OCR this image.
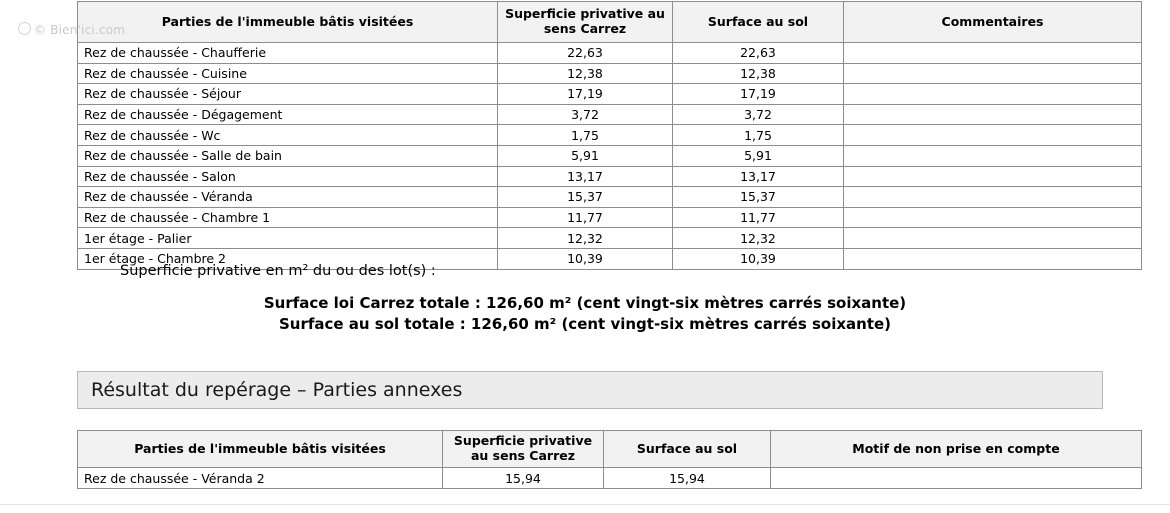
© Bien'ici.com
Parties de l'immeuble bâtis visitées	Superficie privative au sens Carrez	Surface au sol	Commentaires
Rez de chaussée - Chaufferie	22,63	22,63	
Rez de chaussée - Cuisine	12,38	12,38	
Rez de chaussée - Séjour	17,19	17,19	
Rez de chaussée - Dégagement	3,72	3,72	
Rez de chaussée - Wc	1,75	1,75	
Rez de chaussée - Salle de bain	5,91	5,91	
Rez de chaussée - Salon	13,17	13,17	
Rez de chaussée - Véranda	15,37	15,37	
Rez de chaussée - Chambre 1	11,77	11,77	
1er étage - Palier	12,32	12,32	
1er étage - Chambre 2	10,39	10,39	
Superficie privative en m² du ou des lot(s) :
Surface loi Carrez totale : 126,60 m² (cent vingt-six mètres carrés soixante)
Surface au sol totale : 126,60 m² (cent vingt-six mètres carrés soixante)
Résultat du repérage – Parties annexes
Parties de l'immeuble bâtis visitées	Superficie privative au sens Carrez	Surface au sol	Motif de non prise en compte
Rez de chaussée - Véranda 2	15,94	15,94	
